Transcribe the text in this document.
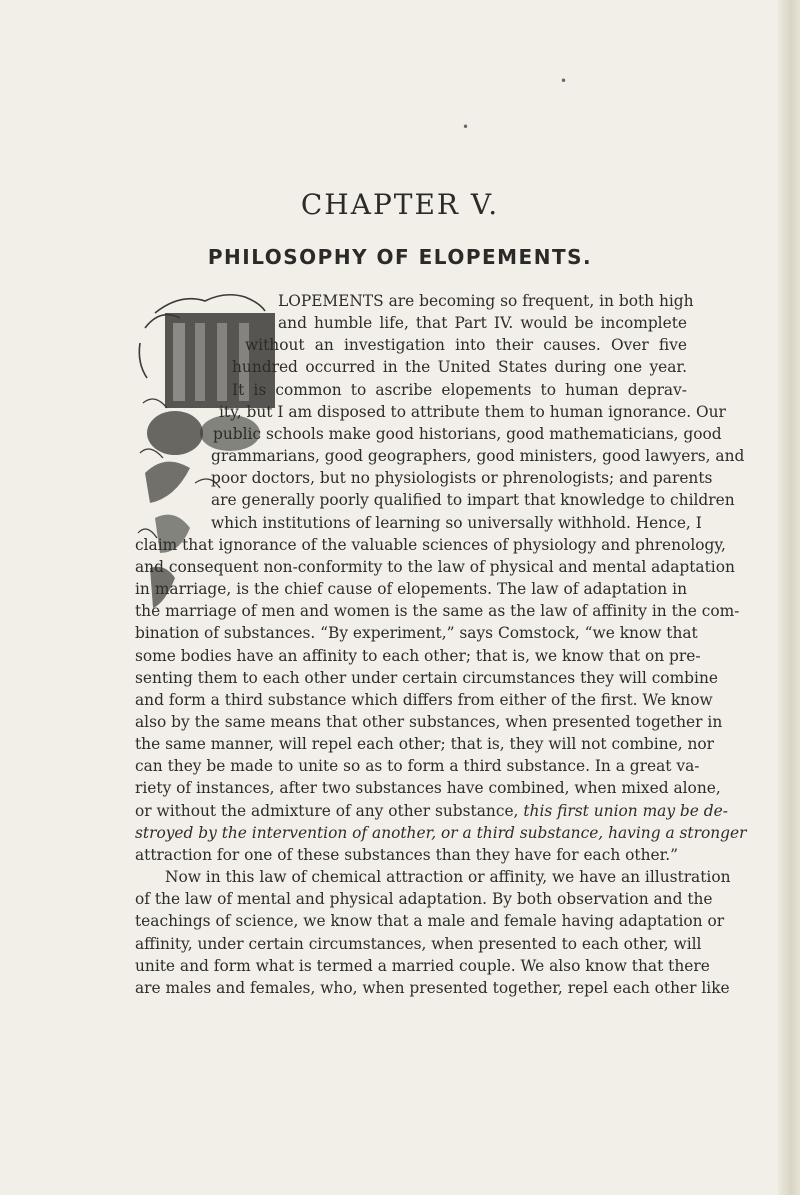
•
•
CHAPTER V.
PHILOSOPHY OF ELOPEMENTS.
LOPEMENTS are becoming so frequent, in both high
and humble life, that Part IV. would be incomplete
without an investigation into their causes. Over five
hundred occurred in the United States during one year.
It is common to ascribe elopements to human deprav-
ity, but I am disposed to attribute them to human ignorance. Our
public schools make good historians, good mathematicians, good
grammarians, good geographers, good ministers, good lawyers, and
poor doctors, but no physiologists or phrenologists; and parents
are generally poorly qualified to impart that knowledge to children
which institutions of learning so universally withhold. Hence, I
claim that ignorance of the valuable sciences of physiology and phrenology,
and consequent non-conformity to the law of physical and mental adaptation
in marriage, is the chief cause of elopements. The law of adaptation in
the marriage of men and women is the same as the law of affinity in the com-
bination of substances. “By experiment,” says Comstock, “we know that
some bodies have an affinity to each other; that is, we know that on pre-
senting them to each other under certain circumstances they will combine
and form a third substance which differs from either of the first. We know
also by the same means that other substances, when presented together in
the same manner, will repel each other; that is, they will not combine, nor
can they be made to unite so as to form a third substance. In a great va-
riety of instances, after two substances have combined, when mixed alone,
or without the admixture of any other substance, this first union may be de-
stroyed by the intervention of another, or a third substance, having a stronger
attraction for one of these substances than they have for each other.”
Now in this law of chemical attraction or affinity, we have an illustration
of the law of mental and physical adaptation. By both observation and the
teachings of science, we know that a male and female having adaptation or
affinity, under certain circumstances, when presented to each other, will
unite and form what is termed a married couple. We also know that there
are males and females, who, when presented together, repel each other like
